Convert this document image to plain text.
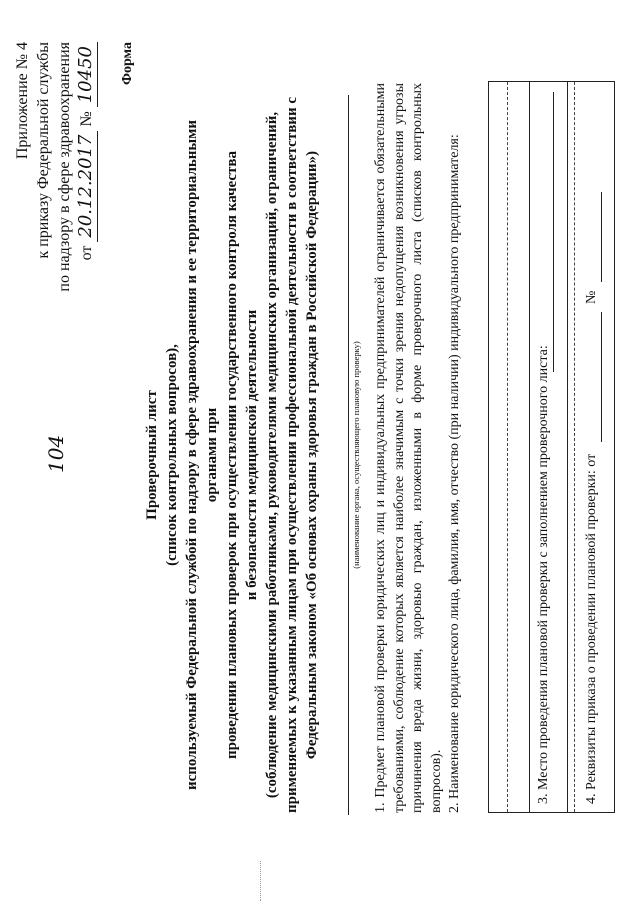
104
Приложение № 4 к приказу Федеральной службы по надзору в сфере здравоохранения от 20.12.2017 № 10450 Форма
Проверочный лист (список контрольных вопросов), используемый Федеральной службой по надзору в сфере здравоохранения и ее территориальными органами при проведении плановых проверок при осуществлении государственного контроля качества и безопасности медицинской деятельности (соблюдение медицинскими работниками, руководителями медицинских организаций, ограничений, применяемых к указанным лицам при осуществлении профессиональной деятельности в соответствии с Федеральным законом «Об основах охраны здоровья граждан в Российской Федерации»)	(наименование органа, осуществляющего плановую проверку) 1. Предмет плановой проверки юридических лиц и индивидуальных предпринимателей ограничивается обязательными требованиями, соблюдение которых является наиболее значимым с точки зрения недопущения возникновения угрозы причинения вреда жизни, здоровью граждан, изложенными в форме проверочного листа (списков контрольных вопросов). 2. Наименование юридического лица, фамилия, имя, отчество (при наличии) индивидуального предпринимателя:	3. Место проведения плановой проверки с заполнением проверочного листа: 4. Реквизиты приказа о проведении плановой проверки: от
№
